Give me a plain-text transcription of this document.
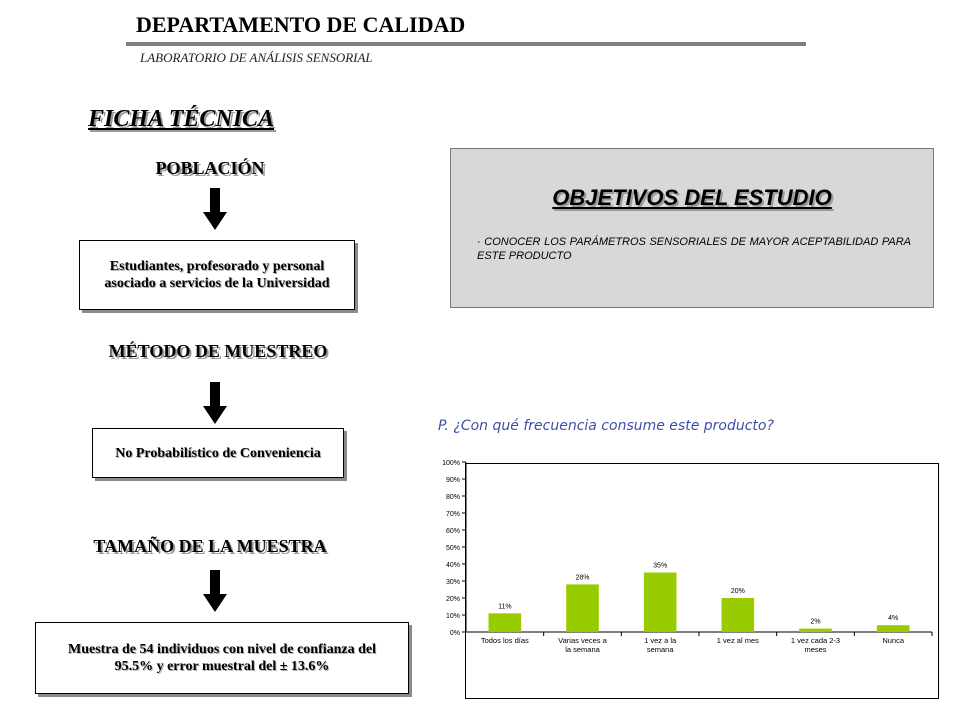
DEPARTAMENTO DE CALIDAD
LABORATORIO DE ANÁLISIS SENSORIAL
FICHA TÉCNICA
POBLACIÓN
Estudiantes, profesorado y personal asociado a servicios de la Universidad
MÉTODO DE MUESTREO
No Probabilístico de Conveniencia
TAMAÑO DE LA MUESTRA
Muestra de 54 individuos con nivel de confianza del 95.5% y error muestral del ± 13.6%
OBJETIVOS DEL ESTUDIO
· CONOCER LOS PARÁMETROS SENSORIALES DE MAYOR ACEPTABILIDAD PARA ESTE PRODUCTO
P. ¿Con qué frecuencia consume este producto?
0%
10%
20%
30%
40%
50%
60%
70%
80%
90%
100%
11%
Todos los días
28%
Varias veces a
la semana
35%
1 vez a la
semana
20%
1 vez al mes
2%
1 vez cada 2-3
meses
4%
Nunca
